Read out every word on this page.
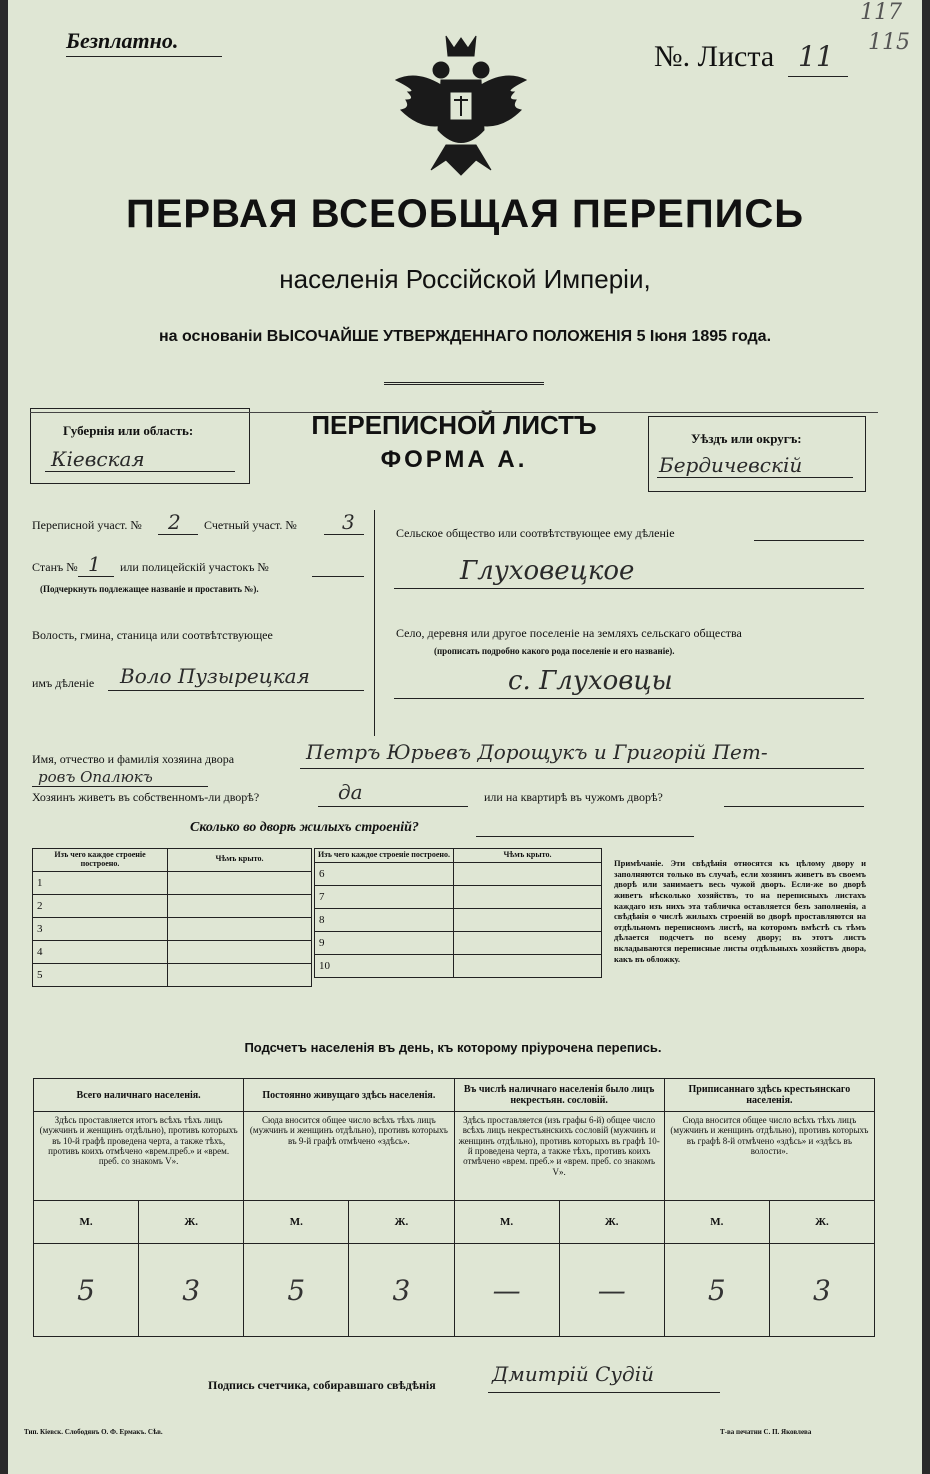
117
115
Безплатно.	№. Листа 11
ПЕРВАЯ ВСЕОБЩАЯ ПЕРЕПИСЬ
населенія Россійской Имперіи,
на основаніи ВЫСОЧАЙШЕ УТВЕРЖДЕННАГО ПОЛОЖЕНІЯ 5 Іюня 1895 года.
Губернія или область:
Кіевская
ПЕРЕПИСНОЙ ЛИСТЪ
ФОРМА А.
Уѣздъ или округъ:
Бердичевскій
Переписной участ. № 2 Счетный участ. № 3
Станъ № 1 или полицейскій участокъ №
(Подчеркнуть подлежащее названіе и проставить №).
Волость, гмина, станица или соотвѣтствующее
имъ дѣленіе Воло Пузырецкая
Сельское общество или соотвѣтствующее ему дѣленіе
Глуховецкое
Село, деревня или другое поселеніе на земляхъ сельскаго общества
(прописать подробно какого рода поселеніе и его названіе).
с. Глуховцы
Имя, отчество и фамилія хозяина двора	Петръ Юрьевъ Дорощукъ и Григорій Пет-
ровъ Опалюкъ
Хозяинъ живетъ въ собственномъ-ли дворѣ?	да	или на квартирѣ въ чужомъ дворѣ?
Сколько во дворѣ жилыхъ строеній?
Изъ чего каждое строеніе построено.	Чѣмъ крыто.
1	
2	
3	
4	
5	
Изъ чего каждое строеніе построено.	Чѣмъ крыто.
6	
7	
8	
9	
10	
Примѣчаніе. Эти свѣдѣнія относятся къ цѣлому двору и заполняются только въ случаѣ, если хозяинъ живетъ въ своемъ дворѣ или занимаетъ весь чужой дворъ. Если-же во дворѣ живетъ нѣсколько хозяйствъ, то на переписныхъ листахъ каждаго изъ нихъ эта табличка оставляется безъ заполненія, а свѣдѣнія о числѣ жилыхъ строеній во дворѣ проставляются на отдѣльномъ переписномъ листѣ, на которомъ вмѣстѣ съ тѣмъ дѣлается подсчетъ по всему двору; въ этотъ листъ вкладываются переписные листы отдѣльныхъ хозяйствъ двора, какъ въ обложку.
Подсчетъ населенія въ день, къ которому пріурочена перепись.
Всего наличнаго населенія.		Постоянно живущаго здѣсь населенія.		Въ числѣ наличнаго населенія было лицъ некрестьян. сословій.		Приписаннаго здѣсь крестьянскаго населенія.	
Здѣсь проставляется итогъ всѣхъ тѣхъ лицъ (мужчинъ и женщинъ отдѣльно), противъ которыхъ въ 10-й графѣ проведена черта, а также тѣхъ, противъ коихъ отмѣчено «врем.преб.» и «врем. преб. со знакомъ V».		Сюда вносится общее число всѣхъ тѣхъ лицъ (мужчинъ и женщинъ отдѣльно), противъ которыхъ въ 9-й графѣ отмѣчено «здѣсь».		Здѣсь проставляется (изъ графы 6-й) общее число всѣхъ лицъ некрестьянскихъ сословій (мужчинъ и женщинъ отдѣльно), противъ которыхъ въ графѣ 10-й проведена черта, а также тѣхъ, противъ коихъ отмѣчено «врем. преб.» и «врем. преб. со знакомъ V».		Сюда вносится общее число всѣхъ тѣхъ лицъ (мужчинъ и женщинъ отдѣльно), противъ которыхъ въ графѣ 8-й отмѣчено «здѣсь» и «здѣсь въ волости».	
М.	Ж.	М.	Ж.	М.	Ж.	М.	Ж.
5	3	5	3	—	—	5	3
Подпись счетчика, собиравшаго свѣдѣнія	Дмитрій Судій
Тип. Кіевск. Слободянъ О. Ф. Ермакъ. Сѣв.	Т-ва печатни С. П. Яковлева
